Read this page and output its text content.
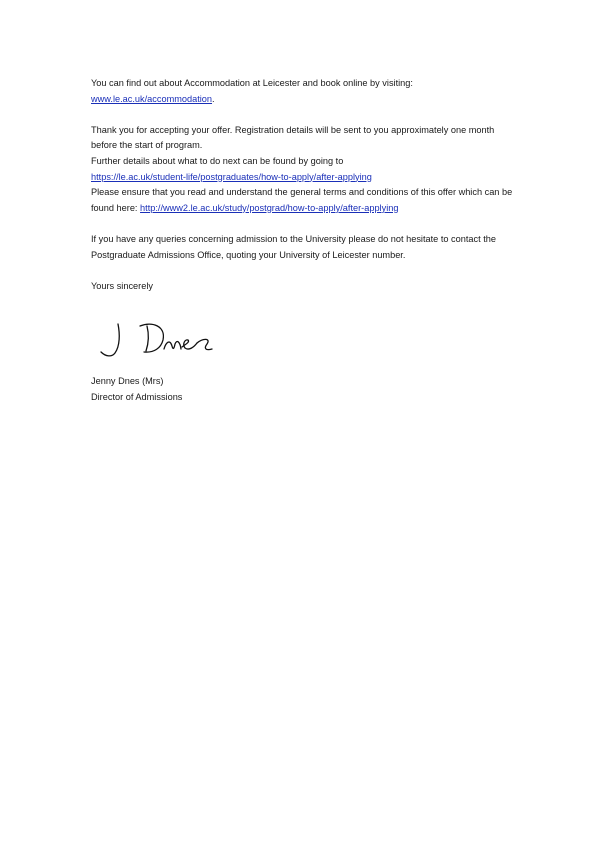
You can find out about Accommodation at Leicester and book online by visiting:
www.le.ac.uk/accommodation.
Thank you for accepting your offer. Registration details will be sent to you approximately one month
before the start of program.
Further details about what to do next can be found by going to
https://le.ac.uk/student-life/postgraduates/how-to-apply/after-applying
Please ensure that you read and understand the general terms and conditions of this offer which can be
found here: http://www2.le.ac.uk/study/postgrad/how-to-apply/after-applying
If you have any queries concerning admission to the University please do not hesitate to contact the
Postgraduate Admissions Office, quoting your University of Leicester number.
Yours sincerely
Jenny Dnes (Mrs)
Director of Admissions
